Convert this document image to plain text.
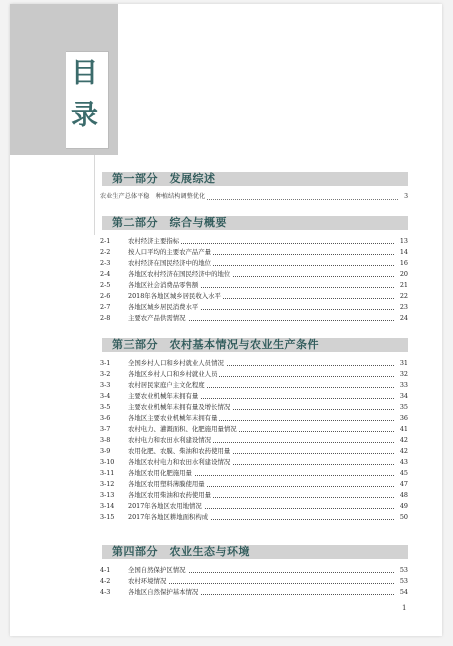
目
录
第一部分　发展综述
农业生产总体平稳　种植结构调整优化	3
第二部分　综合与概要
2-1	农村经济主要指标	13
2-2	按人口平均的主要农产品产量	14
2-3	农村经济在国民经济中的地位	16
2-4	各地区农村经济在国民经济中的地位	20
2-5	各地区社会消费品零售额	21
2-6	2018年各地区城乡居民收入水平	22
2-7	各地区城乡居民消费水平	23
2-8	主要农产品供需情况	24
第三部分　农村基本情况与农业生产条件
3-1	全国乡村人口和乡村就业人员情况	31
3-2	各地区乡村人口和乡村就业人员	32
3-3	农村居民家庭户主文化程度	33
3-4	主要农业机械年末拥有量	34
3-5	主要农业机械年末拥有量及增长情况	35
3-6	各地区主要农业机械年末拥有量	36
3-7	农村电力、灌溉面积、化肥施用量情况	41
3-8	农村电力和农田水利建设情况	42
3-9	农用化肥、农膜、柴油和农药使用量	42
3-10	各地区农村电力和农田水利建设情况	43
3-11	各地区农用化肥施用量	45
3-12	各地区农用塑料薄膜使用量	47
3-13	各地区农用柴油和农药使用量	48
3-14	2017年各地区农用地情况	49
3-15	2017年各地区耕地面积构成	50
第四部分　农业生态与环境
4-1	全国自然保护区情况	53
4-2	农村环境情况	53
4-3	各地区自然保护基本情况	54
1
